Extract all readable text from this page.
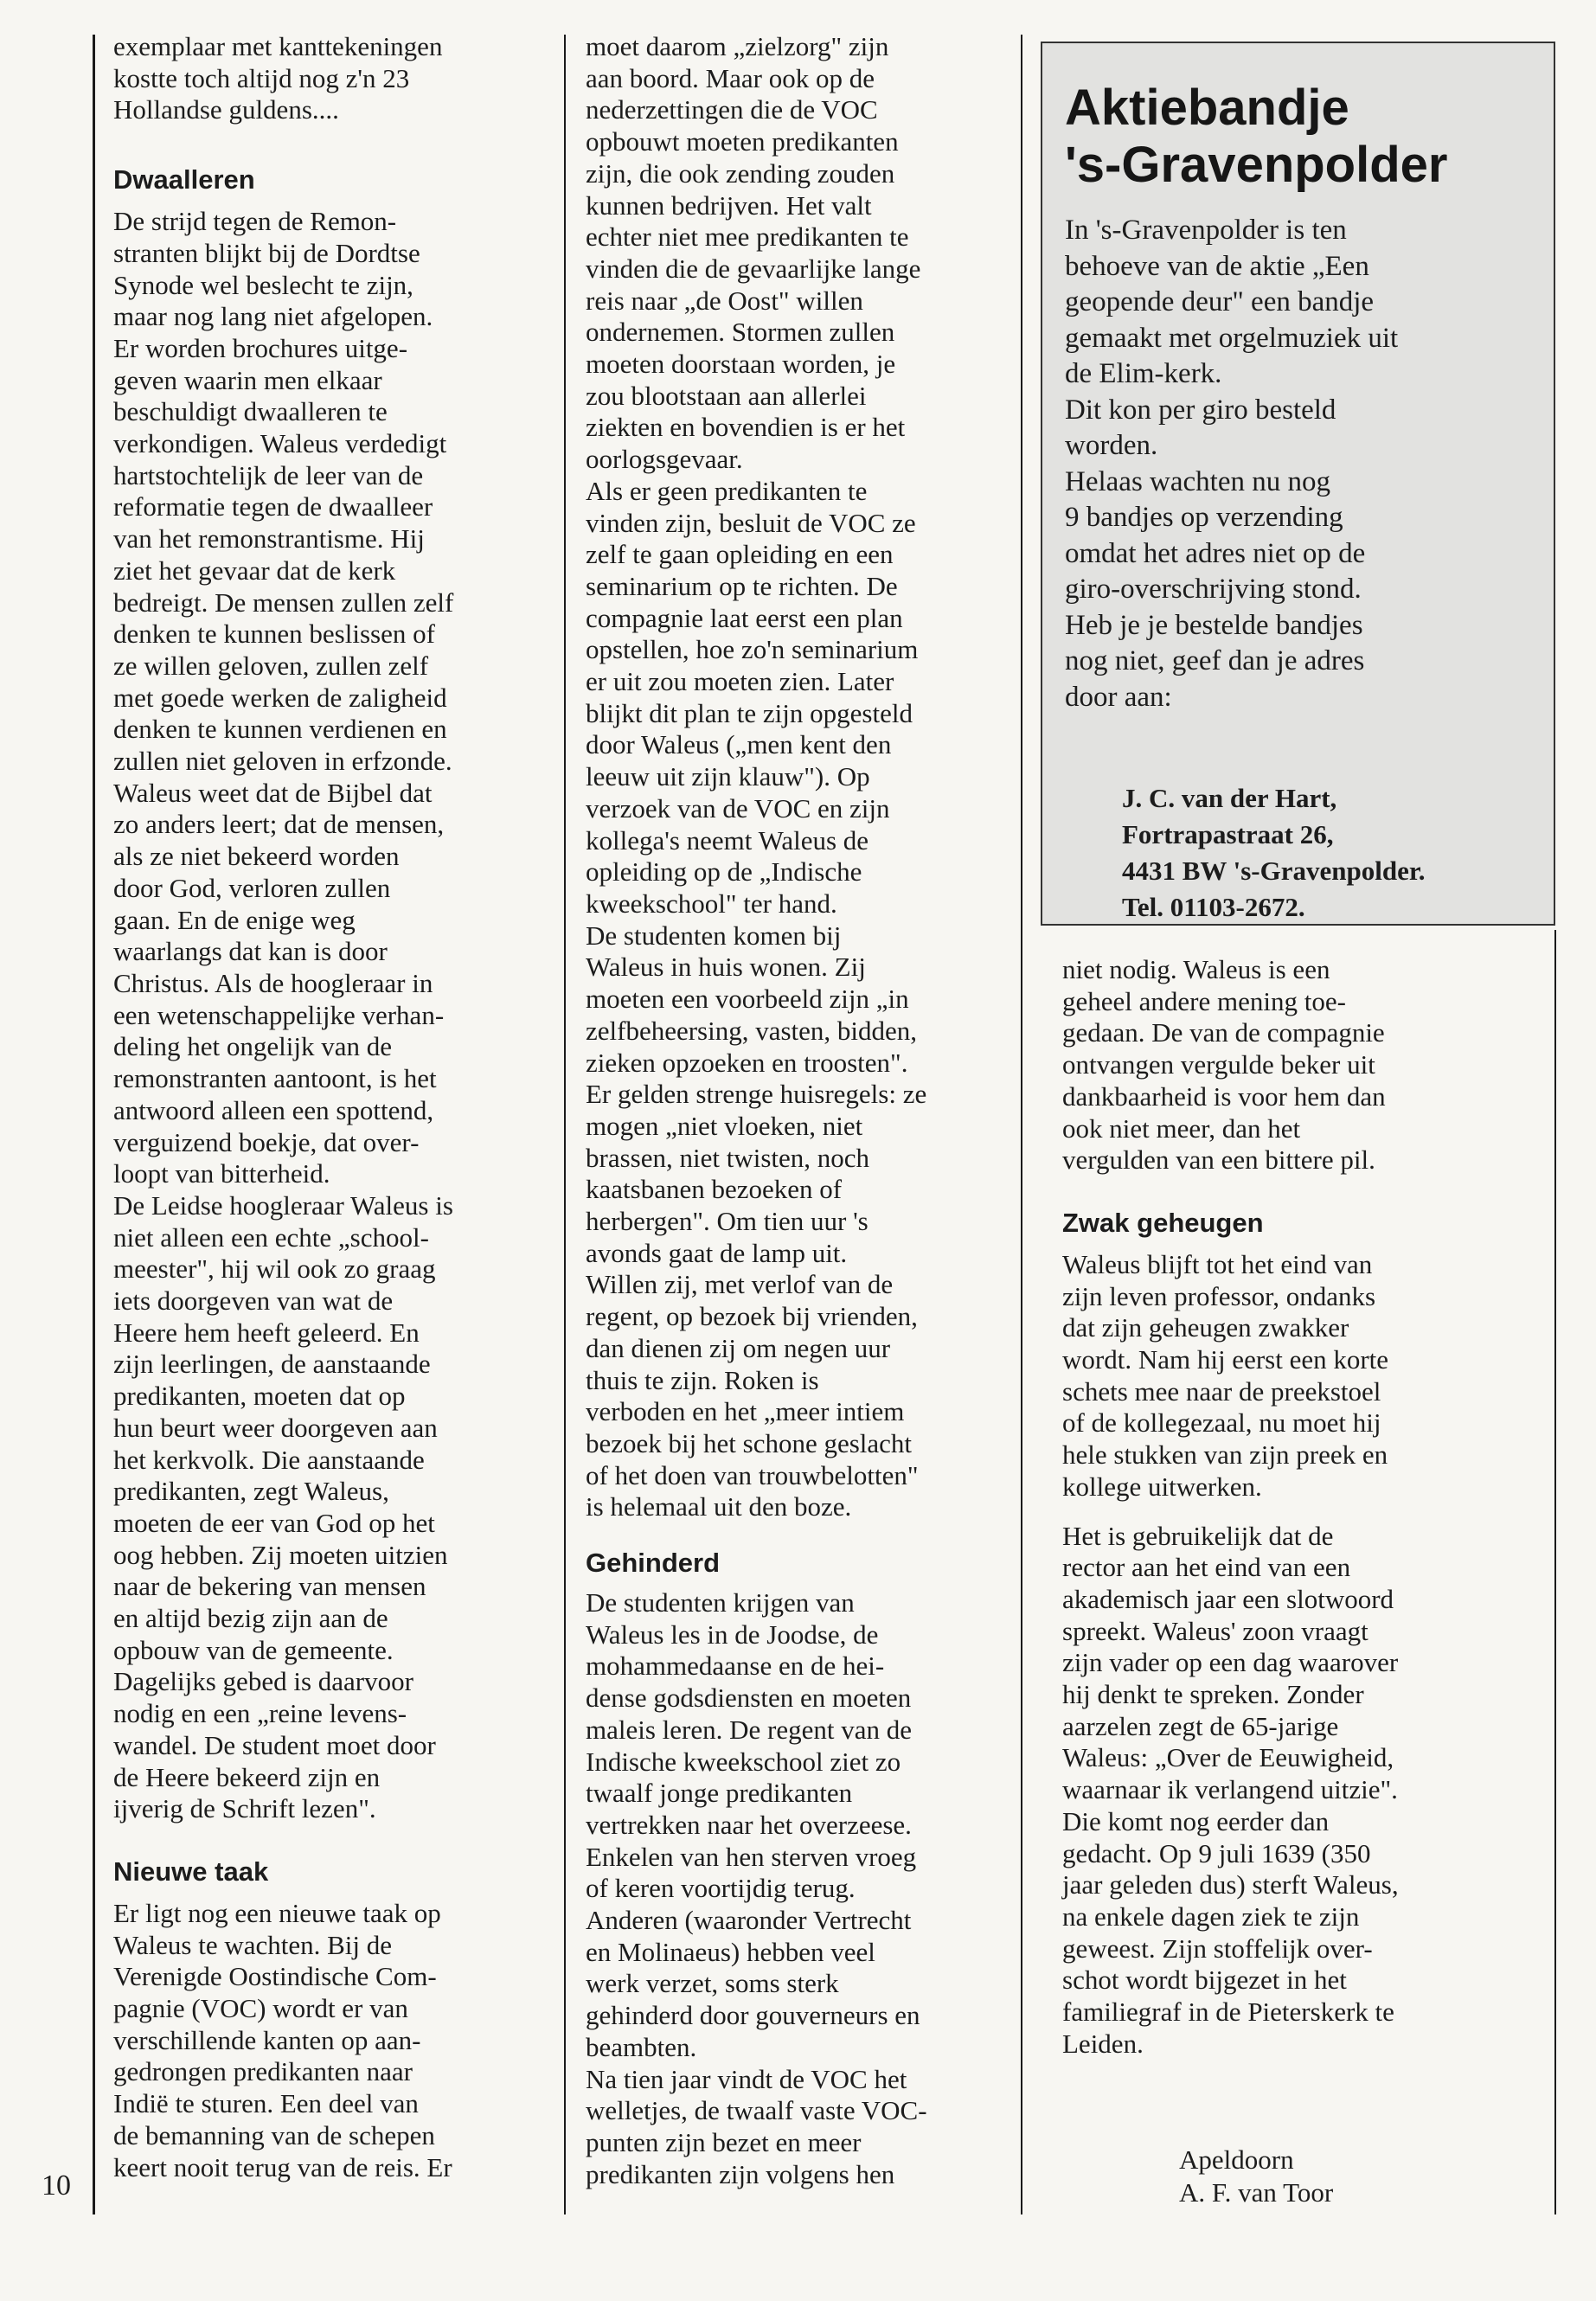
exemplaar met kanttekeningen
kostte toch altijd nog z'n 23
Hollandse guldens....
Dwaalleren
De strijd tegen de Remon-
stranten blijkt bij de Dordtse
Synode wel beslecht te zijn,
maar nog lang niet afgelopen.
Er worden brochures uitge-
geven waarin men elkaar
beschuldigt dwaalleren te
verkondigen. Waleus verdedigt
hartstochtelijk de leer van de
reformatie tegen de dwaalleer
van het remonstrantisme. Hij
ziet het gevaar dat de kerk
bedreigt. De mensen zullen zelf
denken te kunnen beslissen of
ze willen geloven, zullen zelf
met goede werken de zaligheid
denken te kunnen verdienen en
zullen niet geloven in erfzonde.
Waleus weet dat de Bijbel dat
zo anders leert; dat de mensen,
als ze niet bekeerd worden
door God, verloren zullen
gaan. En de enige weg
waarlangs dat kan is door
Christus. Als de hoogleraar in
een wetenschappelijke verhan-
deling het ongelijk van de
remonstranten aantoont, is het
antwoord alleen een spottend,
verguizend boekje, dat over-
loopt van bitterheid.
De Leidse hoogleraar Waleus is
niet alleen een echte „school-
meester", hij wil ook zo graag
iets doorgeven van wat de
Heere hem heeft geleerd. En
zijn leerlingen, de aanstaande
predikanten, moeten dat op
hun beurt weer doorgeven aan
het kerkvolk. Die aanstaande
predikanten, zegt Waleus,
moeten de eer van God op het
oog hebben. Zij moeten uitzien
naar de bekering van mensen
en altijd bezig zijn aan de
opbouw van de gemeente.
Dagelijks gebed is daarvoor
nodig en een „reine levens-
wandel. De student moet door
de Heere bekeerd zijn en
ijverig de Schrift lezen".
Nieuwe taak
Er ligt nog een nieuwe taak op
Waleus te wachten. Bij de
Verenigde Oostindische Com-
pagnie (VOC) wordt er van
verschillende kanten op aan-
gedrongen predikanten naar
Indië te sturen. Een deel van
de bemanning van de schepen
keert nooit terug van de reis. Er
moet daarom „zielzorg" zijn
aan boord. Maar ook op de
nederzettingen die de VOC
opbouwt moeten predikanten
zijn, die ook zending zouden
kunnen bedrijven. Het valt
echter niet mee predikanten te
vinden die de gevaarlijke lange
reis naar „de Oost" willen
ondernemen. Stormen zullen
moeten doorstaan worden, je
zou blootstaan aan allerlei
ziekten en bovendien is er het
oorlogsgevaar.
Als er geen predikanten te
vinden zijn, besluit de VOC ze
zelf te gaan opleiding en een
seminarium op te richten. De
compagnie laat eerst een plan
opstellen, hoe zo'n seminarium
er uit zou moeten zien. Later
blijkt dit plan te zijn opgesteld
door Waleus („men kent den
leeuw uit zijn klauw"). Op
verzoek van de VOC en zijn
kollega's neemt Waleus de
opleiding op de „Indische
kweekschool" ter hand.
De studenten komen bij
Waleus in huis wonen. Zij
moeten een voorbeeld zijn „in
zelfbeheersing, vasten, bidden,
zieken opzoeken en troosten".
Er gelden strenge huisregels: ze
mogen „niet vloeken, niet
brassen, niet twisten, noch
kaatsbanen bezoeken of
herbergen". Om tien uur 's
avonds gaat de lamp uit.
Willen zij, met verlof van de
regent, op bezoek bij vrienden,
dan dienen zij om negen uur
thuis te zijn. Roken is
verboden en het „meer intiem
bezoek bij het schone geslacht
of het doen van trouwbelotten"
is helemaal uit den boze.
Gehinderd
De studenten krijgen van
Waleus les in de Joodse, de
mohammedaanse en de hei-
dense godsdiensten en moeten
maleis leren. De regent van de
Indische kweekschool ziet zo
twaalf jonge predikanten
vertrekken naar het overzeese.
Enkelen van hen sterven vroeg
of keren voortijdig terug.
Anderen (waaronder Vertrecht
en Molinaeus) hebben veel
werk verzet, soms sterk
gehinderd door gouverneurs en
beambten.
Na tien jaar vindt de VOC het
welletjes, de twaalf vaste VOC-
punten zijn bezet en meer
predikanten zijn volgens hen
Aktiebandje
's-Gravenpolder
In 's-Gravenpolder is ten
behoeve van de aktie „Een
geopende deur" een bandje
gemaakt met orgelmuziek uit
de Elim-kerk.
Dit kon per giro besteld
worden.
Helaas wachten nu nog
9 bandjes op verzending
omdat het adres niet op de
giro-overschrijving stond.
Heb je je bestelde bandjes
nog niet, geef dan je adres
door aan:
J. C. van der Hart,
Fortrapastraat 26,
4431 BW 's-Gravenpolder.
Tel. 01103-2672.
niet nodig. Waleus is een
geheel andere mening toe-
gedaan. De van de compagnie
ontvangen vergulde beker uit
dankbaarheid is voor hem dan
ook niet meer, dan het
vergulden van een bittere pil.
Zwak geheugen
Waleus blijft tot het eind van
zijn leven professor, ondanks
dat zijn geheugen zwakker
wordt. Nam hij eerst een korte
schets mee naar de preekstoel
of de kollegezaal, nu moet hij
hele stukken van zijn preek en
kollege uitwerken.
Het is gebruikelijk dat de
rector aan het eind van een
akademisch jaar een slotwoord
spreekt. Waleus' zoon vraagt
zijn vader op een dag waarover
hij denkt te spreken. Zonder
aarzelen zegt de 65-jarige
Waleus: „Over de Eeuwigheid,
waarnaar ik verlangend uitzie".
Die komt nog eerder dan
gedacht. Op 9 juli 1639 (350
jaar geleden dus) sterft Waleus,
na enkele dagen ziek te zijn
geweest. Zijn stoffelijk over-
schot wordt bijgezet in het
familiegraf in de Pieterskerk te
Leiden.
Apeldoorn
A. F. van Toor
10
